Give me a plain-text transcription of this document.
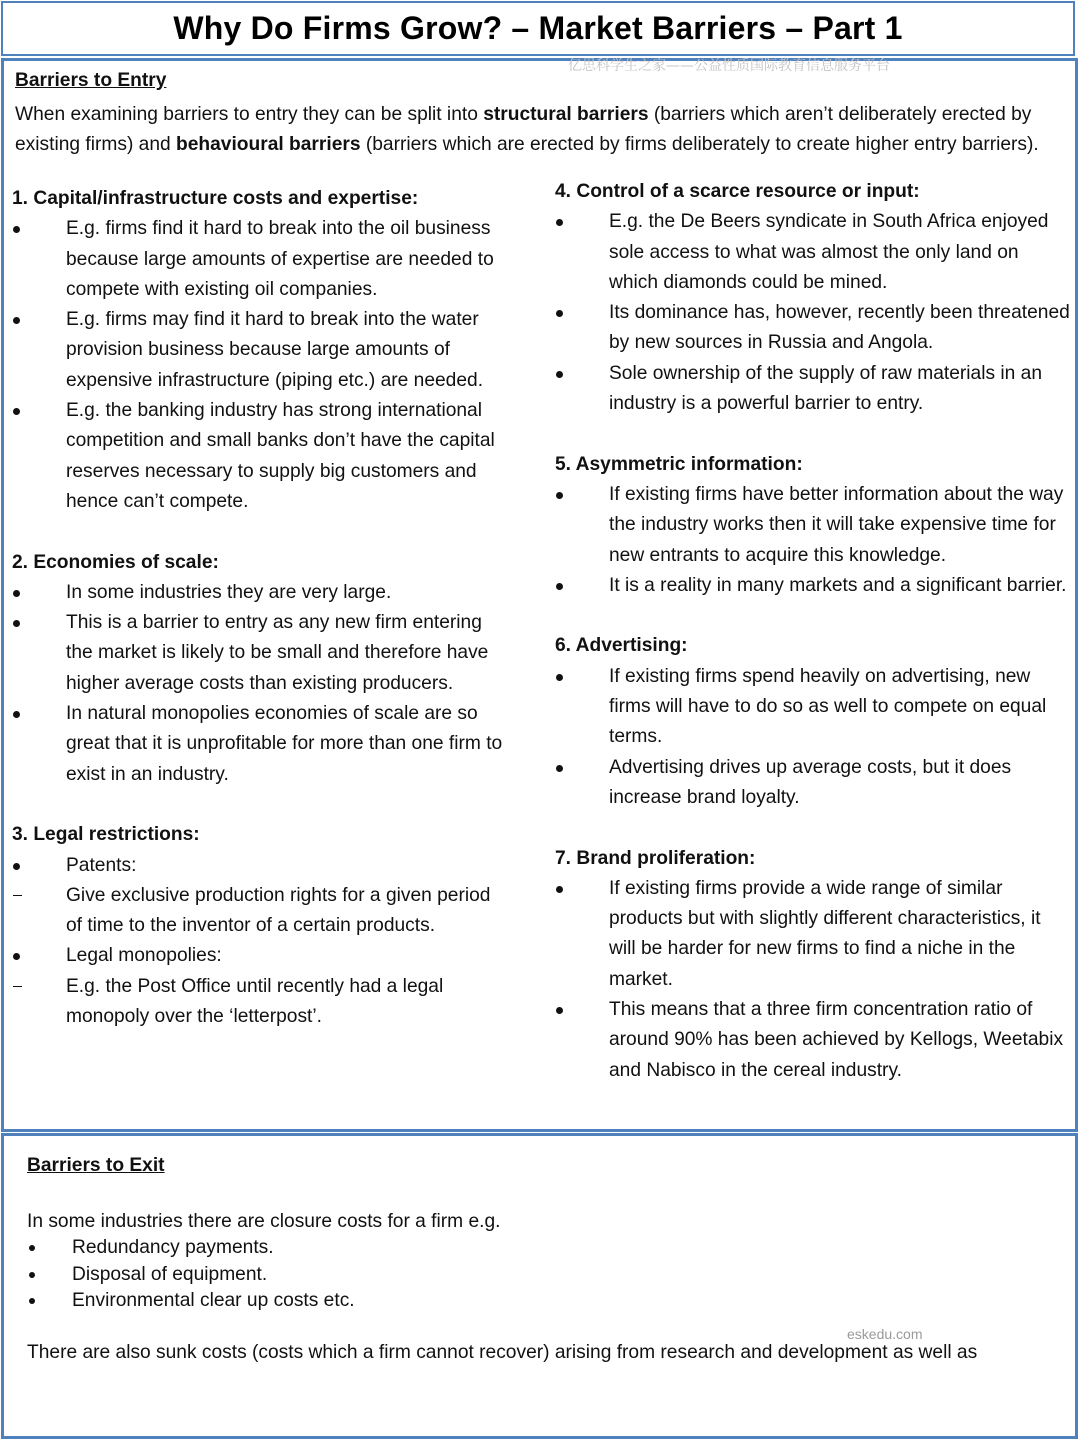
Why Do Firms Grow? – Market Barriers – Part 1
亿思科学生之家——公益性质国际教育信息服务平台
Barriers to Entry
When examining barriers to entry they can be split into structural barriers (barriers which aren’t deliberately erected by existing firms) and behavioural barriers (barriers which are erected by firms deliberately to create higher entry barriers).
1. Capital/infrastructure costs and expertise:
E.g. firms find it hard to break into the oil business because large amounts of expertise are needed to compete with existing oil companies.
E.g. firms may find it hard to break into the water provision business because large amounts of expensive infrastructure (piping etc.) are needed.
E.g. the banking industry has strong international competition and small banks don’t have the capital reserves necessary to supply big customers and hence can’t compete.
2. Economies of scale:
In some industries they are very large.
This is a barrier to entry as any new firm entering the market is likely to be small and therefore have higher average costs than existing producers.
In natural monopolies economies of scale are so great that it is unprofitable for more than one firm to exist in an industry.
3. Legal restrictions:
Patents:
Give exclusive production rights for a given period of time to the inventor of a certain products.
Legal monopolies:
E.g. the Post Office until recently had a legal monopoly over the ‘letterpost’.
4. Control of a scarce resource or input:
E.g. the De Beers syndicate in South Africa enjoyed sole access to what was almost the only land on which diamonds could be mined.
Its dominance has, however, recently been threatened by new sources in Russia and Angola.
Sole ownership of the supply of raw materials in an industry is a powerful barrier to entry.
5. Asymmetric information:
If existing firms have better information about the way the industry works then it will take expensive time for new entrants to acquire this knowledge.
It is a reality in many markets and a significant barrier.
6. Advertising:
If existing firms spend heavily on advertising, new firms will have to do so as well to compete on equal terms.
Advertising drives up average costs, but it does increase brand loyalty.
7. Brand proliferation:
If existing firms provide a wide range of similar products but with slightly different characteristics, it will be harder for new firms to find a niche in the market.
This means that a three firm concentration ratio of around 90% has been achieved by Kellogs, Weetabix and Nabisco in the cereal industry.
Barriers to Exit
In some industries there are closure costs for a firm e.g.
Redundancy payments.
Disposal of equipment.
Environmental clear up costs etc.
There are also sunk costs (costs which a firm cannot recover) arising from research and development as well as
eskedu.com
